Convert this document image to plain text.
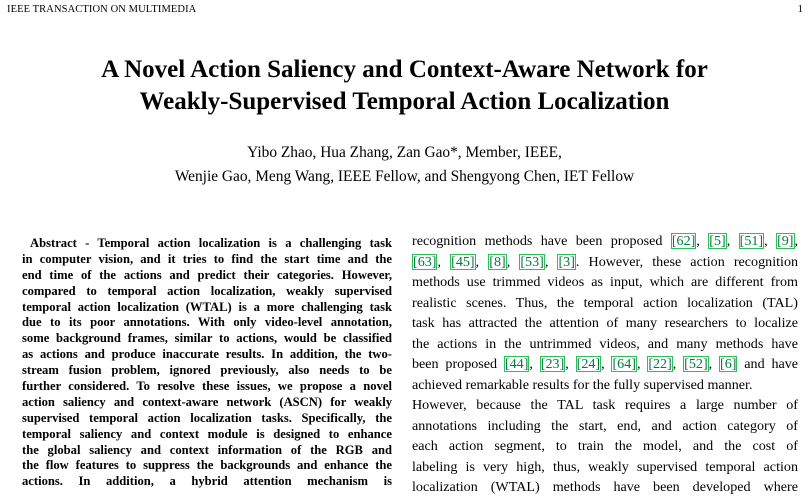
IEEE TRANSACTION ON MULTIMEDIA	1
A Novel Action Saliency and Context-Aware Network for
Weakly-Supervised Temporal Action Localization
Yibo Zhao, Hua Zhang, Zan Gao*, Member, IEEE,
Wenjie Gao, Meng Wang, IEEE Fellow, and Shengyong Chen, IET Fellow
Abstract - Temporal action localization is a challenging task
in computer vision, and it tries to find the start time and the
end time of the actions and predict their categories. However,
compared to temporal action localization, weakly supervised
temporal action localization (WTAL) is a more challenging task
due to its poor annotations. With only video-level annotation,
some background frames, similar to actions, would be classified
as actions and produce inaccurate results. In addition, the two-
stream fusion problem, ignored previously, also needs to be
further considered. To resolve these issues, we propose a novel
action saliency and context-aware network (ASCN) for weakly
supervised temporal action localization tasks. Specifically, the
temporal saliency and context module is designed to enhance
the global saliency and context information of the RGB and
the flow features to suppress the backgrounds and enhance the
actions. In addition, a hybrid attention mechanism is
recognition methods have been proposed [62], [5], [51], [9],
[63], [45], [8], [53], [3]. However, these action recognition
methods use trimmed videos as input, which are different from
realistic scenes. Thus, the temporal action localization (TAL)
task has attracted the attention of many researchers to localize
the actions in the untrimmed videos, and many methods have
been proposed [44], [23], [24], [64], [22], [52], [6] and have
achieved remarkable results for the fully supervised manner.
However, because the TAL task requires a large number of
annotations including the start, end, and action category of
each action segment, to train the model, and the cost of
labeling is very high, thus, weakly supervised temporal action
localization (WTAL) methods have been developed where
